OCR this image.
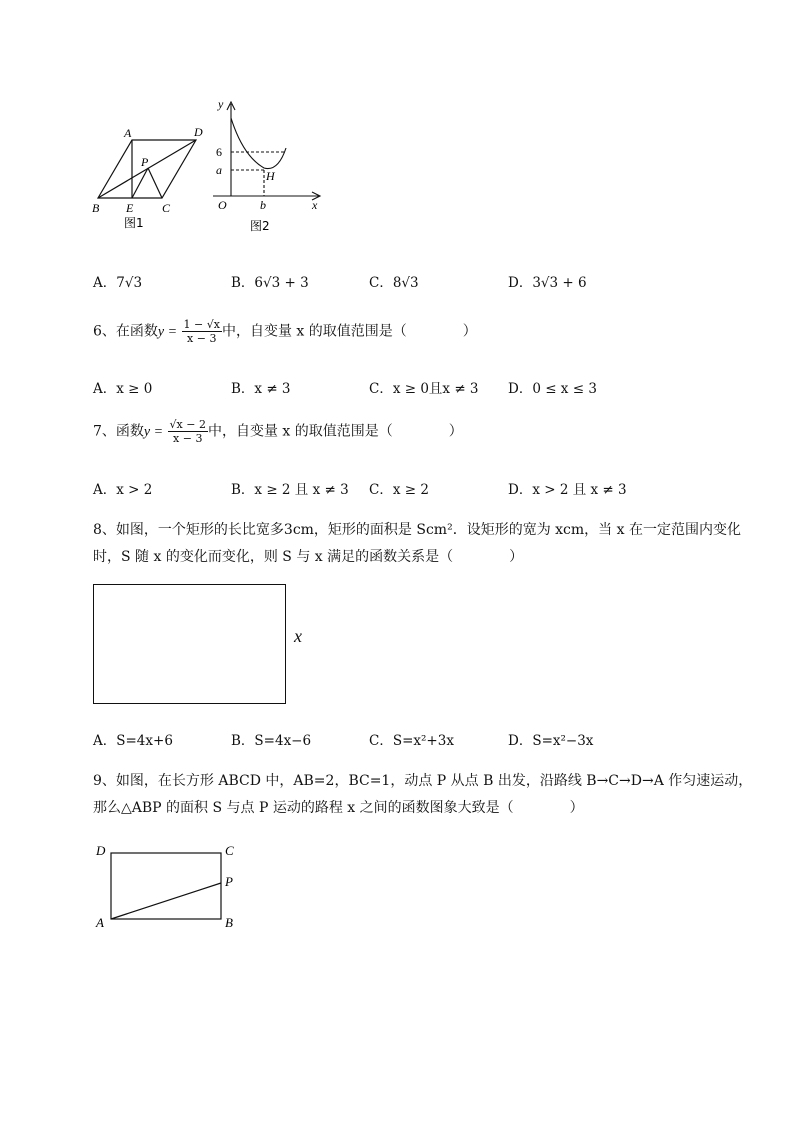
A	D
P
B E C
图1
y
6
a	H
O	b	x
图2
A．7√3	B．6√3 + 3	C．8√3	D．3√3 + 6
6、在函数$y = \frac{1 - √x}{x - 3}$ 中，自变量 x 的取值范围是（　　　　）
A．x ≥ 0	B．x ≠ 3	C．x ≥ 0且x ≠ 3 D．0 ≤ x ≤ 3
7、函数$y = \frac{√x - 2}{x - 3}$ 中，自变量 x 的取值范围是（　　　　）
A．x > 2	B．x ≥ 2 且 x ≠ 3 C．x ≥ 2	D．x > 2 且 x ≠ 3
8、如图，一个矩形的长比宽多3cm，矩形的面积是 Scm²．设矩形的宽为 xcm，当 x 在一定范围内变化
时，S 随 x 的变化而变化，则 S 与 x 满足的函数关系是（　　　　）
x
A．S=4x+6	B．S=4x−6	C．S=x²+3x	D．S=x²−3x
9、如图，在长方形 ABCD 中，AB=2，BC=1，动点 P 从点 B 出发，沿路线 B→C→D→A 作匀速运动，
那么△ABP 的面积 S 与点 P 运动的路程 x 之间的函数图象大致是（　　　　）
D	C
P
A	B
